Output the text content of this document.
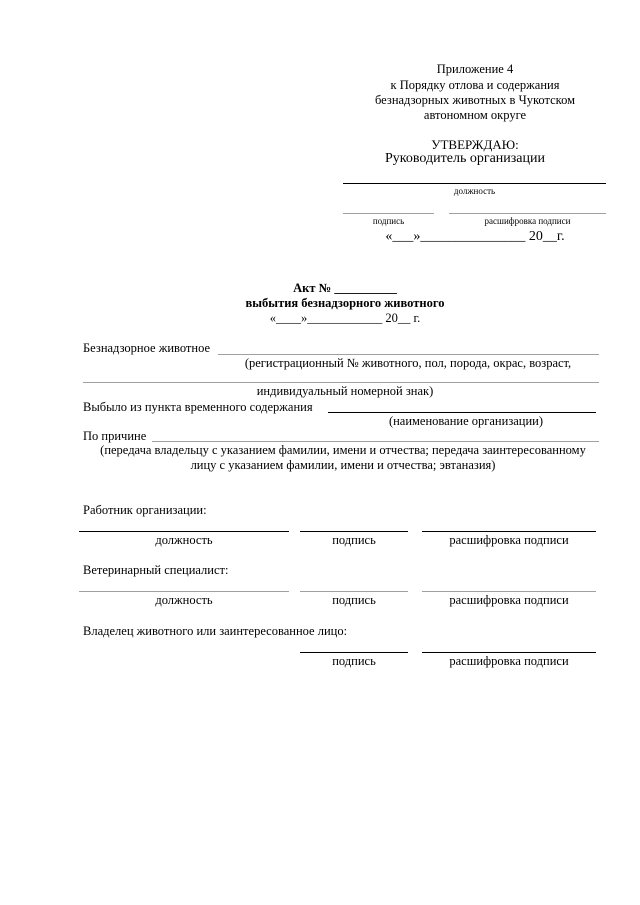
Приложение 4
к Порядку отлова и содержания
безнадзорных животных в Чукотском
автономном округе
УТВЕРЖДАЮ:
Руководитель организации
должность
подпись	расшифровка подписи
«___»_______________ 20__г.
Акт № __________
выбытия безнадзорного животного
«____»____________ 20__ г.
Безнадзорное животное
(регистрационный № животного, пол, порода, окрас, возраст,
индивидуальный номерной знак)
Выбыло из пункта временного содержания
(наименование организации)
По причине
(передача владельцу с указанием фамилии, имени и отчества; передача заинтересованному
лицу с указанием фамилии, имени и отчества; эвтаназия)
Работник организации:
должность	подпись	расшифровка подписи
Ветеринарный специалист:
должность	подпись	расшифровка подписи
Владелец животного или заинтересованное лицо:
подпись	расшифровка подписи
